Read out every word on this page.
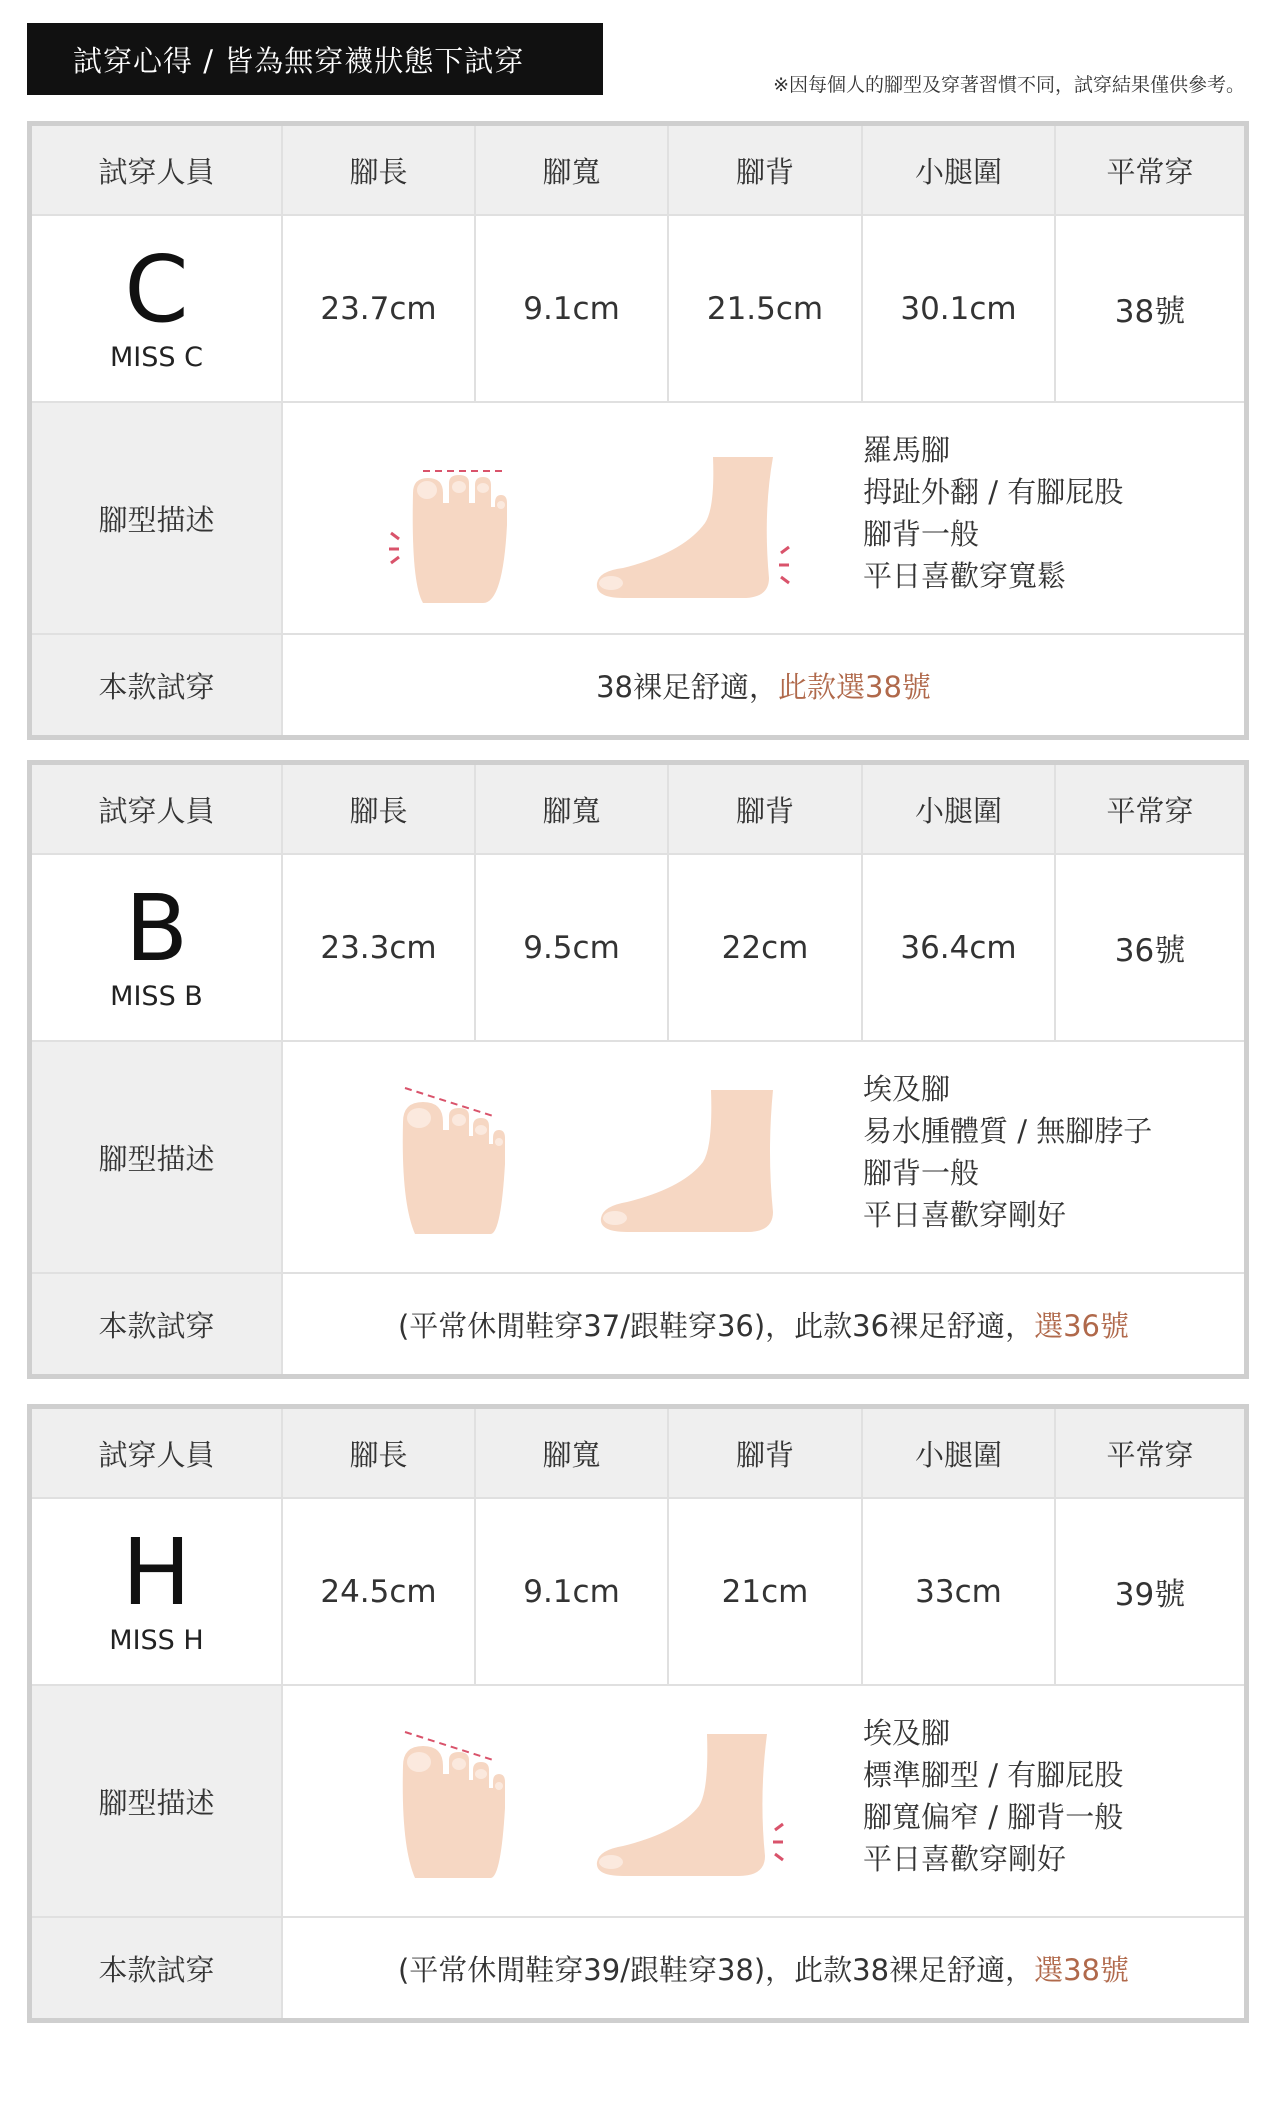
試穿心得 / 皆為無穿襪狀態下試穿
※因每個人的腳型及穿著習慣不同，試穿結果僅供參考。
試穿人員	腳長	腳寬	腳背	小腿圍	平常穿
C
MISS C
23.7cm	9.1cm	21.5cm	30.1cm	38號
腳型描述
羅馬腳
拇趾外翻 / 有腳屁股
腳背一般
平日喜歡穿寬鬆
本款試穿	38裸足舒適， 此款選38號
試穿人員	腳長	腳寬	腳背	小腿圍	平常穿
B
MISS B
23.3cm	9.5cm	22cm	36.4cm	36號
腳型描述
埃及腳
易水腫體質 / 無腳脖子
腳背一般
平日喜歡穿剛好
本款試穿	(平常休閒鞋穿37/跟鞋穿36)，此款36裸足舒適， 選36號
試穿人員	腳長	腳寬	腳背	小腿圍	平常穿
H
MISS H
24.5cm	9.1cm	21cm	33cm	39號
腳型描述
埃及腳
標準腳型 / 有腳屁股
腳寬偏窄 / 腳背一般
平日喜歡穿剛好
本款試穿	(平常休閒鞋穿39/跟鞋穿38)，此款38裸足舒適， 選38號
